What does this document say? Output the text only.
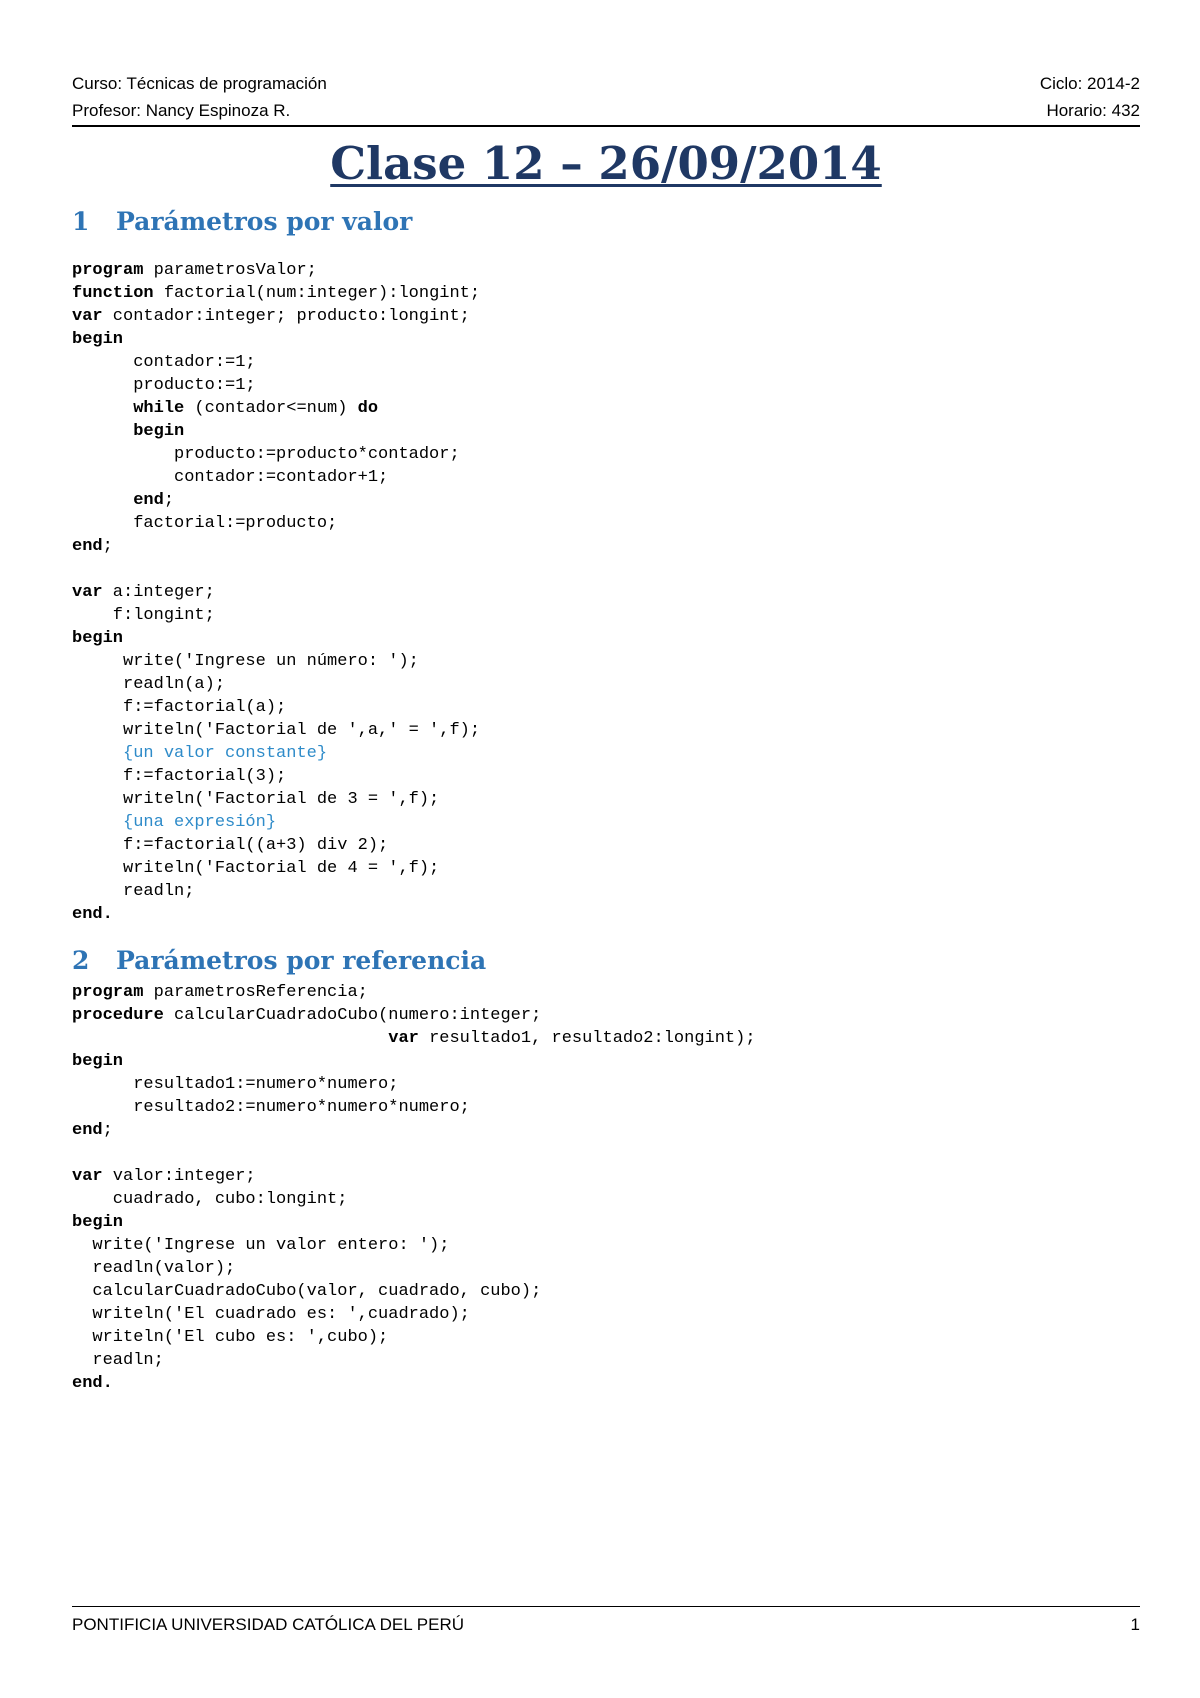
Curso: Técnicas de programación	Ciclo: 2014-2
Profesor: Nancy Espinoza R.	Horario: 432
Clase 12 – 26/09/2014
1 Parámetros por valor
program parametrosValor;
function factorial(num:integer):longint;
var contador:integer; producto:longint;
begin
contador:=1;
producto:=1;
while (contador<=num) do
begin
producto:=producto*contador;
contador:=contador+1;
end;
factorial:=producto;
end;
var a:integer;
f:longint;
begin
write('Ingrese un número: ');
readln(a);
f:=factorial(a);
writeln('Factorial de ',a,' = ',f);
{un valor constante}
f:=factorial(3);
writeln('Factorial de 3 = ',f);
{una expresión}
f:=factorial((a+3) div 2);
writeln('Factorial de 4 = ',f);
readln;
end.
2 Parámetros por referencia
program parametrosReferencia;
procedure calcularCuadradoCubo(numero:integer;
var resultado1, resultado2:longint);
begin
resultado1:=numero*numero;
resultado2:=numero*numero*numero;
end;
var valor:integer;
cuadrado, cubo:longint;
begin
write('Ingrese un valor entero: ');
readln(valor);
calcularCuadradoCubo(valor, cuadrado, cubo);
writeln('El cuadrado es: ',cuadrado);
writeln('El cubo es: ',cubo);
readln;
end.
PONTIFICIA UNIVERSIDAD CATÓLICA DEL PERÚ	1
